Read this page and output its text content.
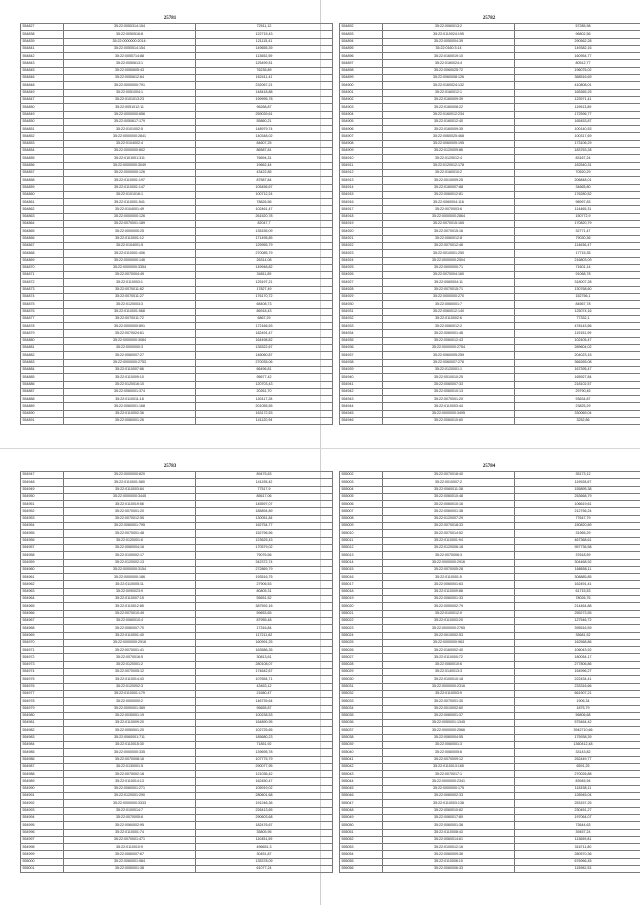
25781
554827	35:22:0050314:154	72511,12
554838	35:22:0050516:8	122715,43
554839	35:22:0000000:2014:	121115,41
554841	35:22:0050514:154	149655,39
554842	35:22:0050714:88	113652,59
554843	35:22:0050613:1	125499,51
554845	35:22:0050605:43	76235,89
554846	35:22:0050612:64	162411,41
554848	35:22:0000000:791	232067,21
554849	35:22:0051004:1	148418,88
554847	35:22:0101013:23	199995,78
554850	35:22:0051012:11	96268,87
554849	35:22:0000000:656	259039,61
554850	35:22:0050617:179	55860,21
554851	35:22:0101002:5	148979,74
554852	35:22:0000000:2841	140348,02
554853	35:22:0104002:4	84607,25
554854	35:22:0000000:802	86587,81
554855	35:22:0101001:311	76694,31
554856	35:22:0000000:3049	19662,44
554857	35:22:0000000:126	43422,85
554858	35:22:0110001:197	87587,84
554859	35:22:0110001:147	105456,67
554860	35:22:0101016:1	100712,24
554861	35:22:0110001:541	78826,56
554862	35:22:0104001:49	102461,47
554863	35:22:0000000:126	261520,78
554864	35:22:0070001:189	82047,7
554865	35:22:0000000:25	135155,09
554866	35:22:0110001:12	171495,85
554867	35:22:0104001:5	129955,79
554868	35:22:0110001:406	270085,79
554869	35:22:0000000:146	26314,08
554870	35:22:0000000:3354	149948,82
554871	35:22:0070004:49	34811,89
554872	35:22:0110003:1	125197,21
554873	35:22:0070011:62	17827,49
554874	35:22:0070011:27	176170,72
554875	35:22:0120003:3	68408,73
554876	35:22:0110001:568	86918,43
554877	35:22:0070011:72	6867,29
554878	35:22:0000000:891	172166,53
554879	35:22:0070024:61	182491,47
554880	35:22:0000000:3084	164498,82
554881	35:22:0000000:3	135322,67
554882	35:22:0060007:27	146060,87
554883	35:22:0000000:2753	270035,06
554884	35:22:0110007:86	66496,81
554885	35:22:0110009:10	95677,42
554886	35:22:0120016:10	120703,43
554887	35:22:0060001:374	20261,70
554888	35:22:0110011:18	140117,28
554889	35:22:0060001:168	201055,55
554890	35:22:0110002:36	163172,53
554891	35:22:0060001:26	141120,94
25782
554892	35:22:0060013:2	57285,98
554893	35:22:0110024:195	96802,56
554894	35:22:0050004:39	290562,28
554895	35:22:0160:3:14	149382,16
554896	35:22:0160019:10	160954,77
554897	35:22:0160024:4	80512,77
554898	35:22:0060025:72	196076,02
554899	35:22:0060008:126	368516,69
554900	35:22:0160024:132	410808,01
554901	35:22:0160012:1	165365,25
554902	35:22:0160009:39	123971,41
554903	35:22:0160008:22	119513,89
554904	35:22:0160012:234	172596,77
554905	35:22:0160012:40	165453,87
554906	35:22:0160009:35	100140,53
554907	35:22:0060025:468	100317,69
554908	35:22:0060009:195	173106,29
554909	35:22:0120009:86	183763,28
554910	35:22:0120012:4	83167,24
554911	35:22:0120012:178	162540,31
554912	35:22:0160010:2	70520,29
554913	35:22:0010009:25	206848,01
554914	35:22:0160007:88	34665,80
554915	35:22:0060012:81	176280,52
554916	35:22:0060004:116	98997,83
554917	35:22:0070003:6	114465,31
554918	35:22:0000000:2864	150772,9
554919	35:22:0070015:165	170820,79
554920	35:22:0070015:16	32771,47
554921	35:22:0060012:8	79030,36
554922	35:22:0070012:46	114636,47
554923	35:22:0010001:250	17715,35
554924	35:22:0000000:2504	216803,09
554925	35:22:0000000:71	71601,14
554926	35:22:0070004:160	91068,78
554927	35:22:0060004:11	318007,28
554928	35:22:0070015:71	130768,60
554929	35:22:0000000:270	152756,1
554930	35:22:0060001:7	84567,78
554931	35:22:0060012:140	125074,16
554932	35:22:0110002:6	77332,1
554933	35:22:0060012:2	478143,56
554934	35:22:0060001:48	119151,99
554935	35:22:0060012:43	102405,47
554936	35:22:0000000:2754	289604,02
554937	35:22:0060005:259	204023,15
554938	35:22:0060007:276	366265,08
554939	35:22:0120001:1	167395,47
554940	35:22:0010010:25	165927,84
554941	35:22:0060007:33	218102,57
554942	35:22:0060010:13	29790,45
554943	35:22:0070001:20	93634,87
554944	35:22:0110003:44	23825,29
554945	35:22:0000000:3495	330069,04
554946	35:22:0060010:60	3252,86
25783
554947	35:22:0000000:820	89475,63
554948	35:22:0110001:580	141195,42
554949	35:22:0110003:84	77517,9
554950	35:22:0000000:3445	85617,06
554951	35:22:0110019:56	145597,07
554952	35:22:0070001:20	185894,89
554953	35:22:0070012:55	130051,84
554954	35:22:0060001:795	162754,77
554955	35:22:0070001:48	152796,56
554956	35:22:0120001:6	123625,43
554957	35:22:0060004:16	170579,02
554958	35:22:0100002:17	79076,56
554959	35:22:0120002:13	342372,74
554960	35:22:0000000:3154	272869,79
554961	35:22:0000000:186	193516,75
554962	35:22:0110005:11	27906,53
554963	35:22:0090023:9	80805,31
554964	35:22:0110007:15	55651,52
554965	35:22:0110012:85	387592,16
554966	35:22:0070010:49	59653,65
554967	35:22:0060010:4	87955,48
554968	35:22:0060007:70	17316,84
554969	35:22:0110001:40	117211,62
554970	35:22:0000000:2916	160991,25
554971	35:22:0070001:41	163586,35
554972	35:22:0070016:5	30813,61
554973	35:22:0120001:2	280108,07
554974	35:22:0070005:12	174642,67
554975	35:22:0110014:43	107654,71
554976	35:22:0120002:3	43463,12
554977	35:22:0110001:179	21680,47
554978	35:22:0000000:2	146739,64
554979	35:22:0090001:389	95655,87
554980	35:22:0030001:19	100238,53
554981	35:22:0110009:20	164890,95
554982	35:22:0050001:20	102725,65
554983	35:22:0060001:711	185680,23
554984	35:22:0110015:30	71851,92
554985	35:22:0000000:335	139695,78
554986	35:22:0070008:16	107775,79
554987	35:22:0130001:5	290077,95
554988	35:22:0070002:18	121036,42
554989	35:22:0110014:13	162450,47
554990	35:22:0060001:271	105919,02
554991	35:22:0120001:290	280601,68
554992	35:22:0000000:3333	191246,36
554993	35:22:0100014:7	226413,65
554994	35:22:0070005:6	290603,68
554995	35:22:0060002:95	182476,67
554996	35:22:0110001:74	35805,95
554997	35:22:0070001:471	110451,59
554998	35:22:0110010:9	496651,3
554999	35:22:0060007:67	30451,87
555000	35:22:0060001:984	135378,09
555001	35:22:0050001:38	61077,24
25784
555002	35:22:0070018:40	35173,12
555003	35:22:0010007:2	119928,67
555004	35:22:0060011:38	155895,38
555005	35:22:0060010:48	253668,79
555006	35:22:0060010:16	106619,61
555007	35:22:0060001:38	212756,24
555008	35:22:0120007:29	77647,79
555009	35:22:0070018:33	150820,89
555010	35:22:0070014:52	31965,29
555011	35:22:0110001:94	467368,61
555012	35:22:0120006:18	957736,58
555013	35:22:0070006:3	37618,59
555014	35:22:0000000:2916	304468,92
555015	35:22:0070005:28	168658,11
555016	35:22:0110001:5	308885,85
555017	35:22:0060001:63	162491,41
555018	35:22:0110009:88	61715,53
555019	35:22:0060001:33	78026,76
555020	35:22:0050002:79	214464,88
555021	35:22:0100012:0	255273,55
555022	35:22:0110003:20	127546,72
555023	35:22:0000000:2765	395516,59
555024	35:22:0010002:53	35681,52
555025	35:22:0000000:963	162568,86
555026	35:22:0160002:40	106043,92
555027	35:22:0110000:72	180054,17
555028	35:22:0060010:6	277806,86
555029	35:22:0140013:3	154996,27
555030	35:22:0100010:18	222434,41
555031	35:22:0000000:2316	233316,66
555032	35:22:0110003:9	661907,21
555033	35:22:0070001:30	1906,34
555034	35:22:0010002:60	1875,79
555035	35:22:0060001:37	56806,68
555036	35:22:0050001:1345	575464,42
555037	35:22:0000000:2566	3942710,66
555038	35:22:0060004:55	175938,39
555039	35:22:0060001:3	1360412,48
555040	35:22:0060005:6	33143,82
555041	35:22:0070009:12	252449,77
555042	35:22:0110013:165	6591,25
555043	35:22:0070017:1	270026,88
555044	35:22:0000000:2341	83945,94
555045	35:22:0000000:175	118158,11
555046	35:22:0060002:33	128945,04
555047	35:22:0110003:138	253157,25
555048	35:22:0060010:62	230451,27
555049	35:22:0060017:80	197064,07
555050	35:22:0060001:38	73644,63
555051	35:22:0110008:43	39457,24
555052	35:22:0060014:61	113659,81
555053	35:22:0100012:16	316711,80
555054	35:22:0060009:36	280570,36
555055	35:22:0110006:10	676966,45
555056	35:22:0060006:33	115982,53
